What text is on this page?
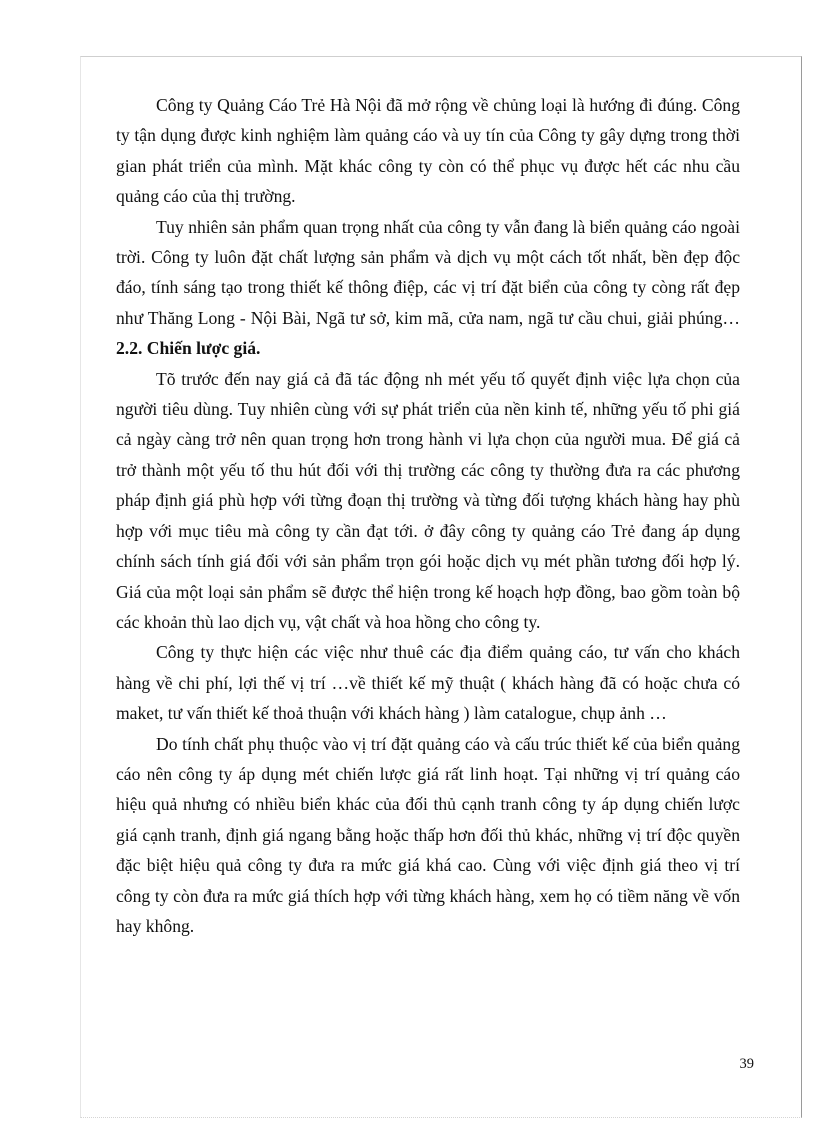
Công ty Quảng Cáo Trẻ Hà Nội đã mở rộng về chủng loại là hướng đi đúng. Công ty tận dụng được kinh nghiệm làm quảng cáo và uy tín của Công ty gây dựng trong thời gian phát triển của mình. Mặt khác công ty còn có thể phục vụ được hết các nhu cầu quảng cáo của thị trường.

Tuy nhiên sản phẩm quan trọng nhất của công ty vẫn đang là biển quảng cáo ngoài trời. Công ty luôn đặt chất lượng sản phẩm và dịch vụ một cách tốt nhất, bền đẹp độc đáo, tính sáng tạo trong thiết kế thông điệp, các vị trí đặt biển của công ty còng rất đẹp như Thăng Long - Nội Bài, Ngã tư sở, kim mã, cửa nam, ngã tư cầu chui, giải phúng…

2.2. Chiến lược giá.

Tõ trước đến nay giá cả đã tác động nh mét yếu tố quyết định việc lựa chọn của người tiêu dùng. Tuy nhiên cùng với sự phát triển của nền kinh tế, những yếu tố phi giá cả ngày càng trở nên quan trọng hơn trong hành vi lựa chọn của người mua. Để giá cả trở thành một yếu tố thu hút đối với thị trường các công ty thường đưa ra các phương pháp định giá phù hợp với từng đoạn thị trường và từng đối tượng khách hàng hay phù hợp với mục tiêu mà công ty cần đạt tới. ở đây công ty quảng cáo Trẻ đang áp dụng chính sách tính giá đối với sản phẩm trọn gói hoặc dịch vụ mét phần tương đối hợp lý. Giá của một loại sản phẩm sẽ được thể hiện trong kế hoạch hợp đồng, bao gồm toàn bộ các khoản thù lao dịch vụ, vật chất và hoa hồng cho công ty.

Công ty thực hiện các việc như thuê các địa điểm quảng cáo, tư vấn cho khách hàng về chi phí, lợi thế vị trí …về thiết kế mỹ thuật ( khách hàng đã có hoặc chưa có maket, tư vấn thiết kế thoả thuận với khách hàng ) làm catalogue, chụp ảnh …

Do tính chất phụ thuộc vào vị trí đặt quảng cáo và cấu trúc thiết kế của biển quảng cáo nên công ty áp dụng mét chiến lược giá rất linh hoạt. Tại những vị trí quảng cáo hiệu quả nhưng có nhiều biển khác của đối thủ cạnh tranh công ty áp dụng chiến lược giá cạnh tranh, định giá ngang bằng hoặc thấp hơn đối thủ khác, những vị trí độc quyền đặc biệt hiệu quả công ty đưa ra mức giá khá cao. Cùng với việc định giá theo vị trí công ty còn đưa ra mức giá thích hợp với từng khách hàng, xem họ có tiềm năng về vốn hay không.

39
